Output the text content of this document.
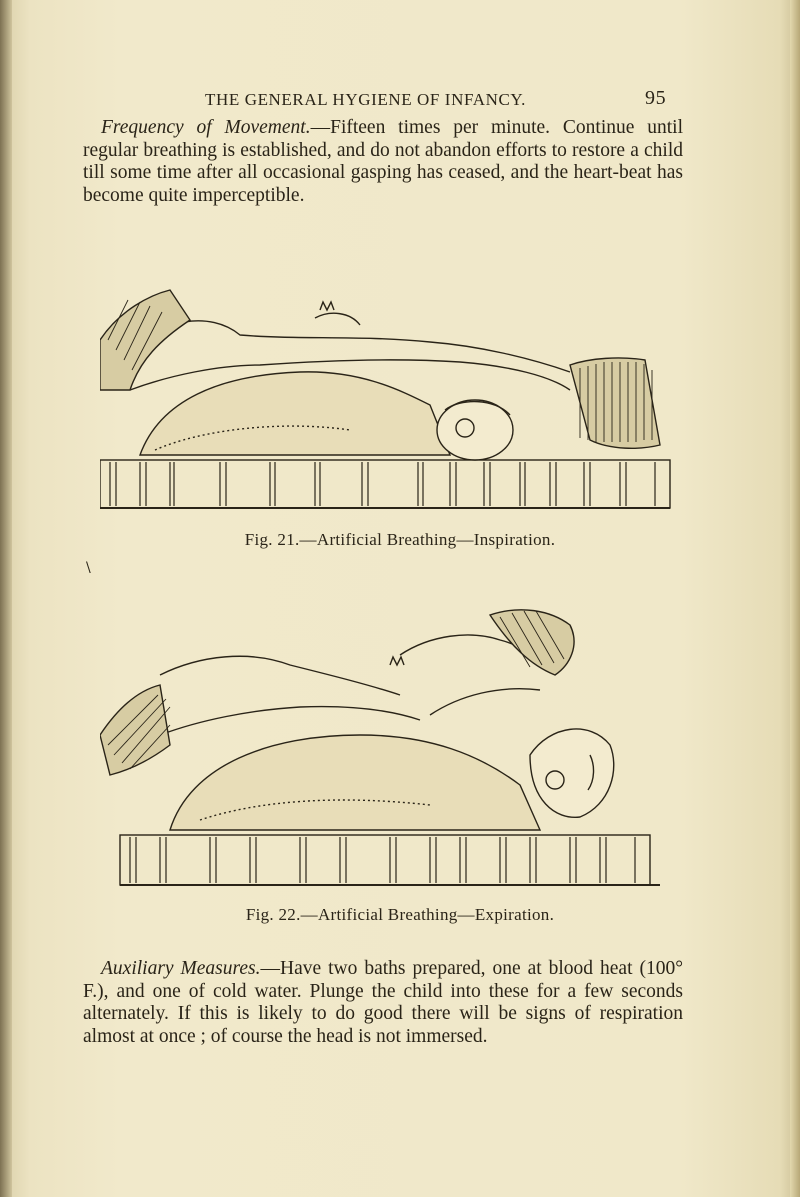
THE GENERAL HYGIENE OF INFANCY.	95
Frequency of Movement.—Fifteen times per minute. Continue until regular breathing is established, and do not abandon efforts to restore a child till some time after all occasional gasping has ceased, and the heart-beat has become quite imperceptible.
Fig. 21.—Artificial Breathing—Inspiration.
\
Fig. 22.—Artificial Breathing—Expiration.
Auxiliary Measures.—Have two baths prepared, one at blood heat (100° F.), and one of cold water. Plunge the child into these for a few seconds alternately. If this is likely to do good there will be signs of respiration almost at once ; of course the head is not immersed.
